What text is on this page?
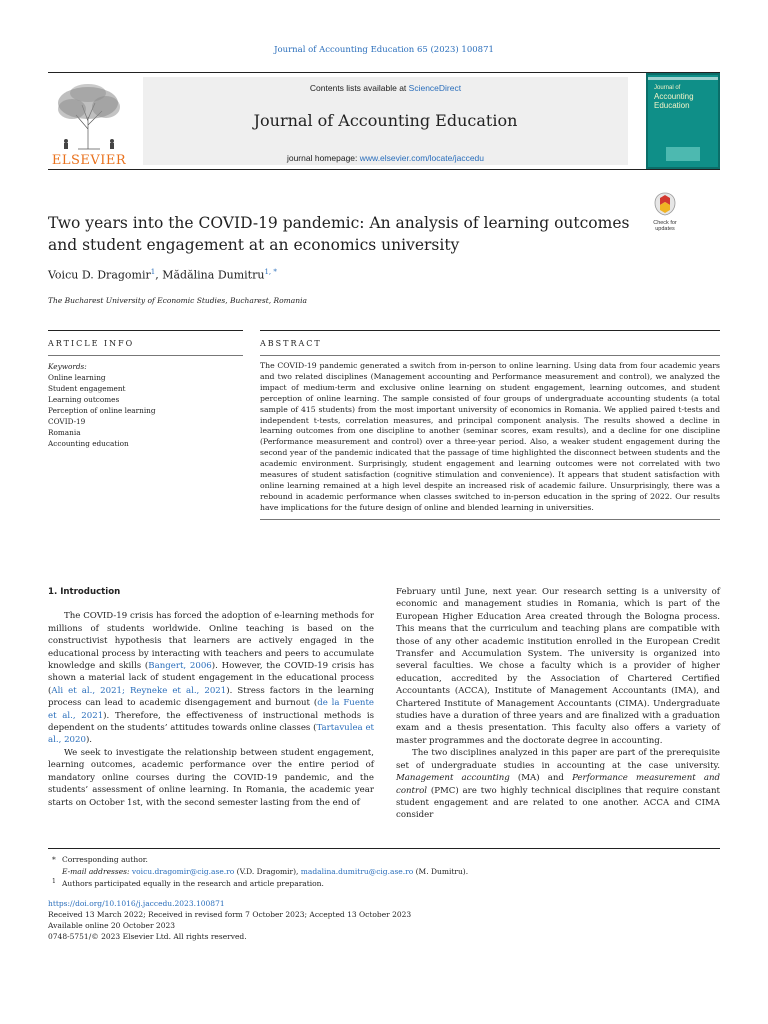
Journal of Accounting Education 65 (2023) 100871
ELSEVIER
Contents lists available at ScienceDirect
Journal of Accounting Education
journal homepage: www.elsevier.com/locate/jaccedu
Journal of
Accounting
Education
Check for
updates
Two years into the COVID-19 pandemic: An analysis of learning outcomes and student engagement at an economics university
Voicu D. Dragomir$^1$, Mădălina Dumitru$^{1, *}$
The Bucharest University of Economic Studies, Bucharest, Romania
ARTICLE INFO
Keywords:
Online learning
Student engagement
Learning outcomes
Perception of online learning
COVID-19
Romania
Accounting education
ABSTRACT
The COVID-19 pandemic generated a switch from in-person to online learning. Using data from four academic years and two related disciplines (Management accounting and Performance measurement and control), we analyzed the impact of medium-term and exclusive online learning on student engagement, learning outcomes, and student perception of online learning. The sample consisted of four groups of undergraduate accounting students (a total sample of 415 students) from the most important university of economics in Romania. We applied paired t-tests and independent t-tests, correlation measures, and principal component analysis. The results showed a decline in learning outcomes from one discipline to another (seminar scores, exam results), and a decline for one discipline (Performance measurement and control) over a three-year period. Also, a weaker student engagement during the second year of the pandemic indicated that the passage of time highlighted the disconnect between students and the academic environment. Surprisingly, student engagement and learning outcomes were not correlated with two measures of student satisfaction (cognitive stimulation and convenience). It appears that student satisfaction with online learning remained at a high level despite an increased risk of academic failure. Unsurprisingly, there was a rebound in academic performance when classes switched to in-person education in the spring of 2022. Our results have implications for the future design of online and blended learning in universities.
1. Introduction

The COVID-19 crisis has forced the adoption of e-learning methods for millions of students worldwide. Online teaching is based on the constructivist hypothesis that learners are actively engaged in the educational process by interacting with teachers and peers to accumulate knowledge and skills (Bangert, 2006). However, the COVID-19 crisis has shown a material lack of student engagement in the educational process (Ali et al., 2021; Reyneke et al., 2021). Stress factors in the learning process can lead to academic disengagement and burnout (de la Fuente et al., 2021). Therefore, the effectiveness of instructional methods is dependent on the students’ attitudes towards online classes (Tartavulea et al., 2020).

We seek to investigate the relationship between student engagement, learning outcomes, academic performance over the entire period of mandatory online courses during the COVID-19 pandemic, and the students’ assessment of online learning. In Romania, the academic year starts on October 1st, with the second semester lasting from the end of

February until June, next year. Our research setting is a university of economic and management studies in Romania, which is part of the European Higher Education Area created through the Bologna process. This means that the curriculum and teaching plans are compatible with those of any other academic institution enrolled in the European Credit Transfer and Accumulation System. The university is organized into several faculties. We chose a faculty which is a provider of higher education, accredited by the Association of Chartered Certified Accountants (ACCA), Institute of Management Accountants (IMA), and Chartered Institute of Management Accountants (CIMA). Undergraduate studies have a duration of three years and are finalized with a graduation exam and a thesis presentation. This faculty also offers a variety of master programmes and the doctorate degree in accounting.

The two disciplines analyzed in this paper are part of the prerequisite set of undergraduate studies in accounting at the case university. Management accounting (MA) and Performance measurement and control (PMC) are two highly technical disciplines that require constant student engagement and are related to one another. ACCA and CIMA consider

* Corresponding author.
E-mail addresses: voicu.dragomir@cig.ase.ro (V.D. Dragomir), madalina.dumitru@cig.ase.ro (M. Dumitru).
1 Authors participated equally in the research and article preparation.
https://doi.org/10.1016/j.jaccedu.2023.100871
Received 13 March 2022; Received in revised form 7 October 2023; Accepted 13 October 2023
Available online 20 October 2023
0748-5751/© 2023 Elsevier Ltd. All rights reserved.
